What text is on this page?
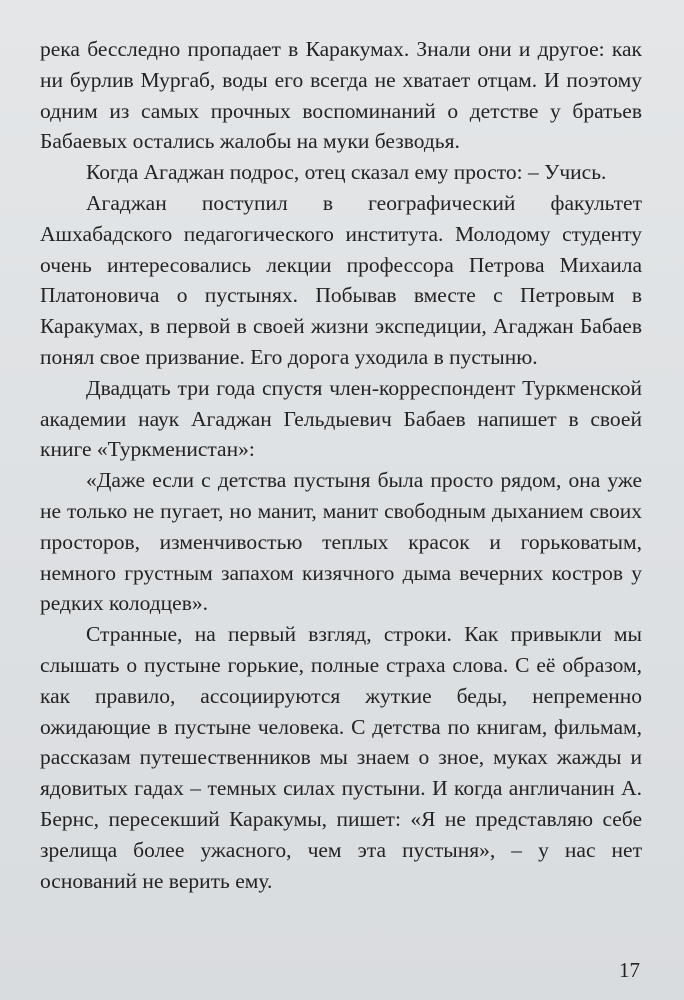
река бесследно пропадает в Каракумах. Знали они и другое: как ни бурлив Мургаб, воды его всегда не хватает отцам. И поэтому одним из самых прочных воспоминаний о детстве у братьев Бабаевых остались жалобы на муки безводья.

Когда Агаджан подрос, отец сказал ему просто: – Учись.

Агаджан поступил в географический факультет Ашхабадского педагогического института. Молодому студенту очень интересовались лекции профессора Петрова Михаила Платоновича о пустынях. Побывав вместе с Петровым в Каракумах, в первой в своей жизни экспедиции, Агаджан Бабаев понял свое призвание. Его дорога уходила в пустыню.

Двадцать три года спустя член-корреспондент Туркменской академии наук Агаджан Гельдыевич Бабаев напишет в своей книге «Туркменистан»:

«Даже если с детства пустыня была просто рядом, она уже не только не пугает, но манит, манит свободным дыханием своих просторов, изменчивостью теплых красок и горьковатым, немного грустным запахом кизячного дыма вечерних костров у редких колодцев».

Странные, на первый взгляд, строки. Как привыкли мы слышать о пустыне горькие, полные страха слова. С её образом, как правило, ассоциируются жуткие беды, непременно ожидающие в пустыне человека. С детства по книгам, фильмам, рассказам путешественников мы знаем о зное, муках жажды и ядовитых гадах – темных силах пустыни. И когда англичанин А. Бернс, пересекший Каракумы, пишет: «Я не представляю себе зрелища более ужасного, чем эта пустыня», – у нас нет оснований не верить ему.

17
